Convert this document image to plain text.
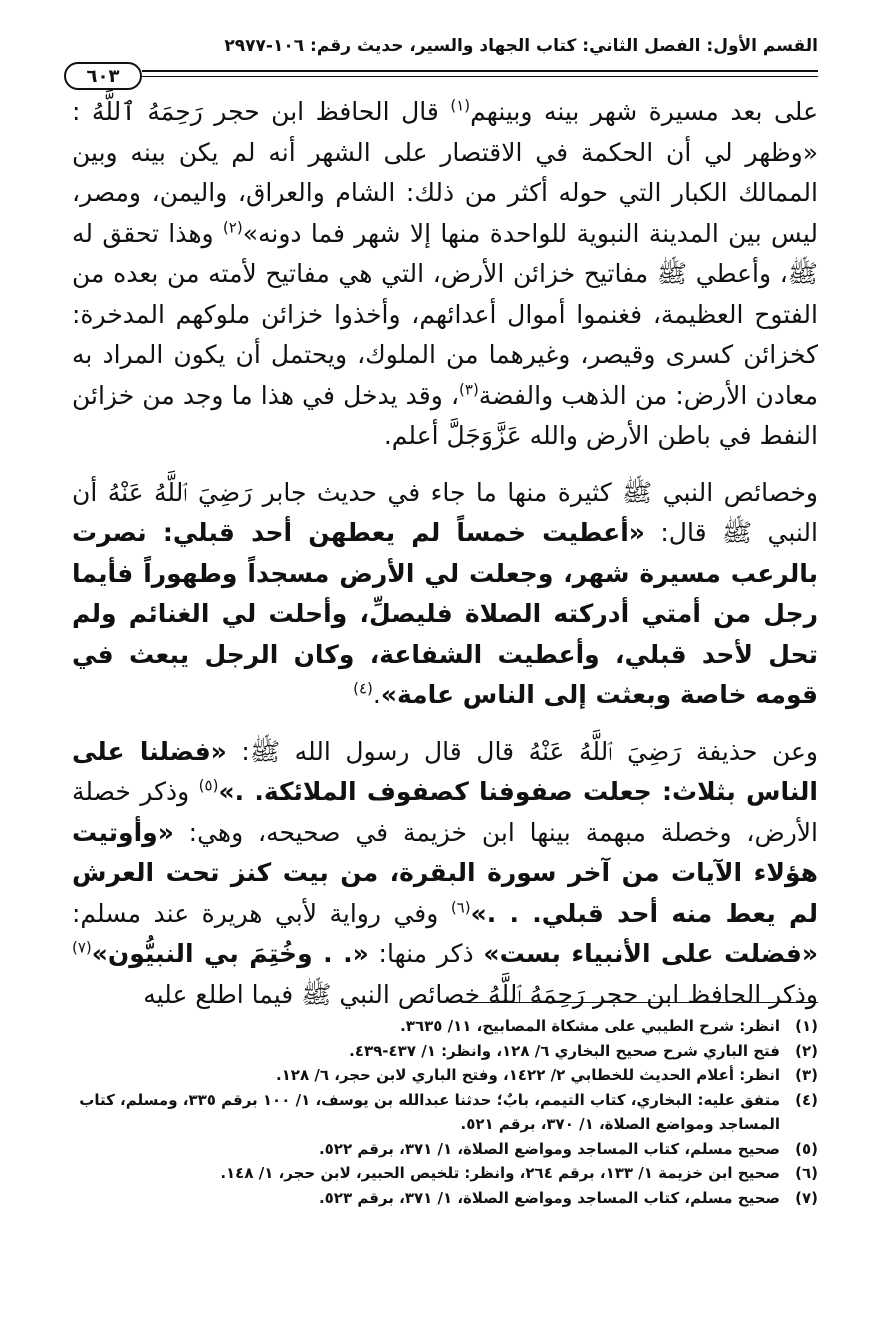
القسم الأول: الفصل الثاني: كتاب الجهاد والسير، حديث رقم: ١٠٦-٢٩٧٧
٦٠٣

على بعد مسيرة شهر بينه وبينهم$^{(١)}$ قال الحافظ ابن حجر رَحِمَهُ ٱللَّهُ : «وظهر لي أن الحكمة في الاقتصار على الشهر أنه لم يكن بينه وبين الممالك الكبار التي حوله أكثر من ذلك: الشام والعراق، واليمن، ومصر، ليس بين المدينة النبوية للواحدة منها إلا شهر فما دونه»$^{(٢)}$ وهذا تحقق له ﷺ، وأعطي ﷺ مفاتيح خزائن الأرض، التي هي مفاتيح لأمته من بعده من الفتوح العظيمة، فغنموا أموال أعدائهم، وأخذوا خزائن ملوكهم المدخرة: كخزائن كسرى وقيصر، وغيرهما من الملوك، ويحتمل أن يكون المراد به معادن الأرض: من الذهب والفضة$^{(٣)}$، وقد يدخل في هذا ما وجد من خزائن النفط في باطن الأرض والله عَزَّوَجَلَّ أعلم.

وخصائص النبي ﷺ كثيرة منها ما جاء في حديث جابر رَضِيَ ٱللَّهُ عَنْهُ أن النبي ﷺ قال: «أعطيت خمساً لم يعطهن أحد قبلي: نصرت بالرعب مسيرة شهر، وجعلت لي الأرض مسجداً وطهوراً فأيما رجل من أمتي أدركته الصلاة فليصلِّ، وأحلت لي الغنائم ولم تحل لأحد قبلي، وأعطيت الشفاعة، وكان الرجل يبعث في قومه خاصة وبعثت إلى الناس عامة».$^{(٤)}$

وعن حذيفة رَضِيَ ٱللَّهُ عَنْهُ قال قال رسول الله ﷺ: «فضلنا على الناس بثلاث: جعلت صفوفنا كصفوف الملائكة. .»$^{(٥)}$ وذكر خصلة الأرض، وخصلة مبهمة بينها ابن خزيمة في صحيحه، وهي: «وأوتيت هؤلاء الآيات من آخر سورة البقرة، من بيت كنز تحت العرش لم يعط منه أحد قبلي. . .»$^{(٦)}$ وفي رواية لأبي هريرة عند مسلم: «فضلت على الأنبياء بست» ذكر منها: «. . وخُتِمَ بي النبيُّون»$^{(٧)}$ وذكر الحافظ ابن حجر رَحِمَهُ ٱللَّهُ خصائص النبي ﷺ فيما اطلع عليه

(١)
انظر: شرح الطيبي على مشكاة المصابيح، ١١/ ٣٦٣٥.
(٢)
فتح الباري شرح صحيح البخاري ٦/ ١٢٨، وانظر: ١/ ٤٣٧-٤٣٩.
(٣)
انظر: أعلام الحديث للخطابي ٢/ ١٤٢٢، وفتح الباري لابن حجر، ٦/ ١٢٨.
(٤)
متفق عليه: البخاري، كتاب التيمم، بابٌ؛ حدثنا عبدالله بن يوسف، ١/ ١٠٠ برقم ٣٣٥، ومسلم، كتاب المساجد ومواضع الصلاة، ١/ ٣٧٠، برقم ٥٢١.
(٥)
صحيح مسلم، كتاب المساجد ومواضع الصلاة، ١/ ٣٧١، برقم ٥٢٢.
(٦)
صحيح ابن خزيمة ١/ ١٣٣، برقم ٢٦٤، وانظر: تلخيص الحبير، لابن حجر، ١/ ١٤٨.
(٧)
صحيح مسلم، كتاب المساجد ومواضع الصلاة، ١/ ٣٧١، برقم ٥٢٣.
